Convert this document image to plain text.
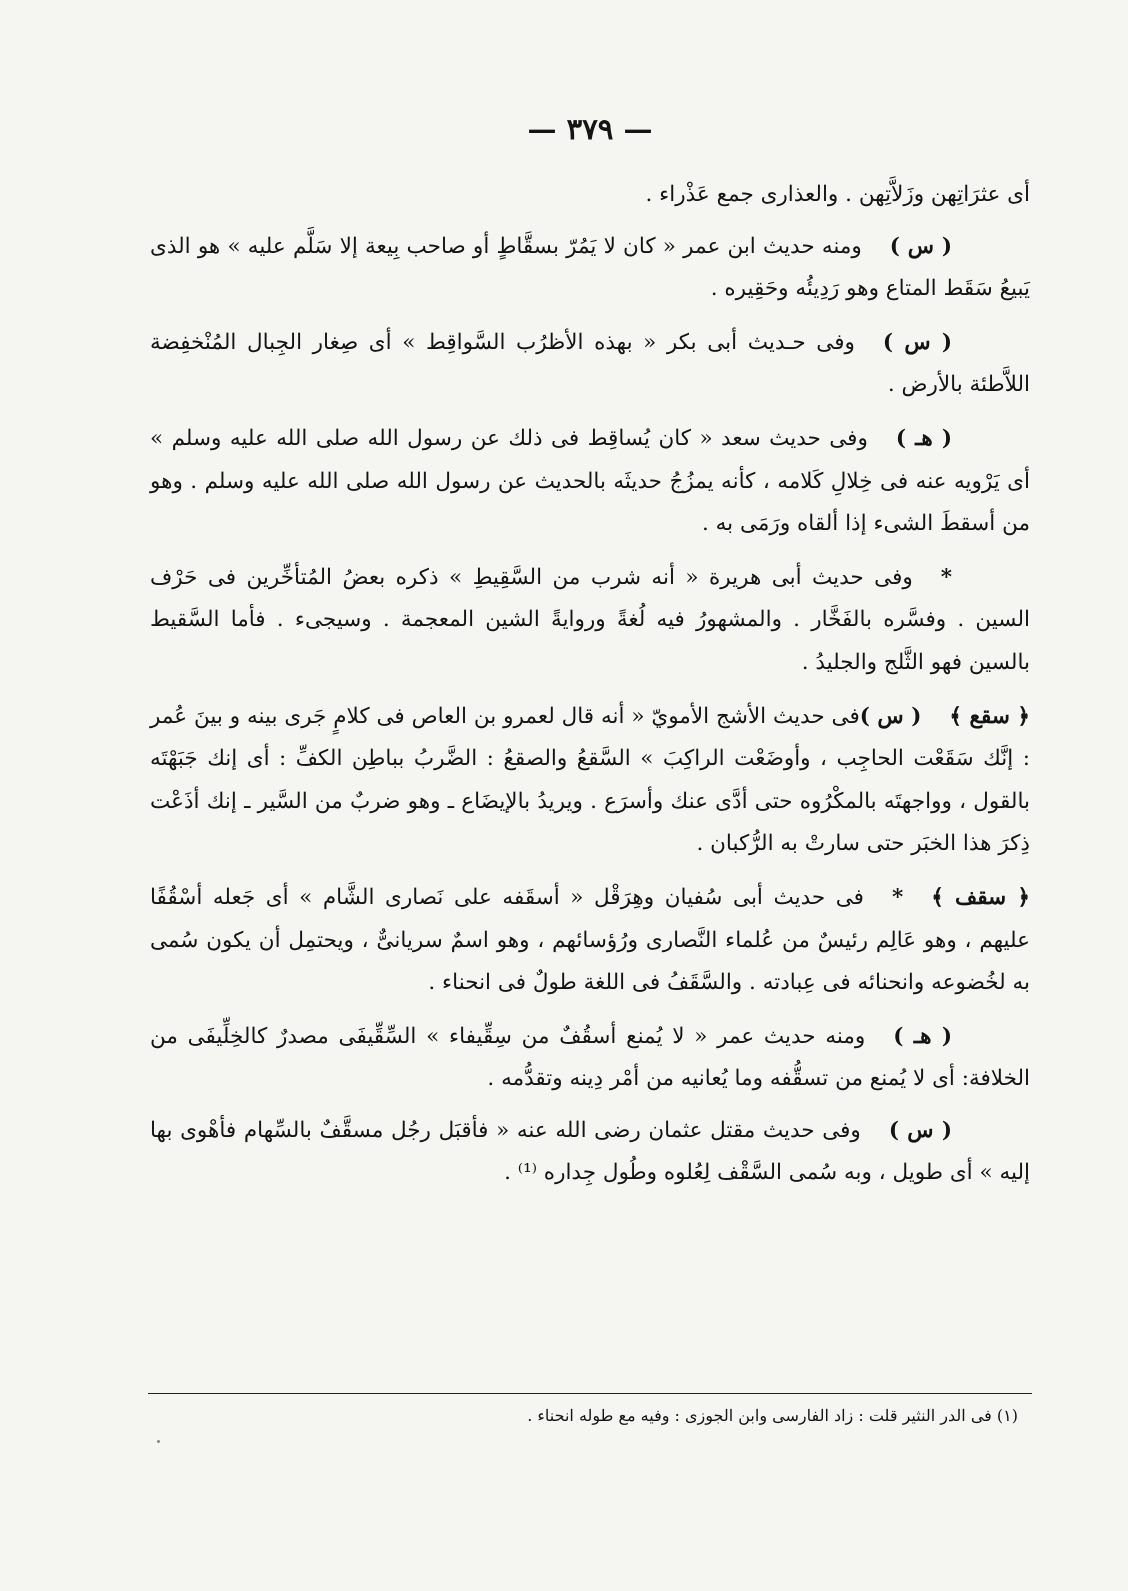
— ٣٧٩ —

أى عثرَاتِهن وزَلاَّتِهن . والعذارى جمع عَذْراء .

( س )ومنه حديث ابن عمر « كان لا يَمُرّ بسقَّاطٍ أو صاحب بِيعة إلا سَلَّم عليه » هو الذى يَبيعُ سَقَط المتاع وهو رَدِيئُه وحَقِيره .

( س )وفى حـديث أبى بكر « بهذه الأظرُب السَّواقِط » أى صِغار الجِبال المُنْخفِضة اللاَّطئة بالأرض .

( هـ )وفى حديث سعد « كان يُساقِط فى ذلك عن رسول الله صلى الله عليه وسلم » أى يَرْويه عنه فى خِلالِ كَلامه ، كأنه يمزُجُ حديثَه بالحديث عن رسول الله صلى الله عليه وسلم . وهو من أسقطَ الشىء إذا ألقاه ورَمَى به .

*وفى حديث أبى هريرة « أنه شرب من السَّقِيطِ » ذكره بعضُ المُتأخِّرين فى حَرْف السين . وفسَّره بالفَخَّار . والمشهورُ فيه لُغةً وروايةً الشين المعجمة . وسيجىء . فأما السَّقيط بالسين فهو الثَّلج والجليدُ .

﴿ سقع ﴾( س )فى حديث الأشج الأمويّ « أنه قال لعمرو بن العاص فى كلامٍ جَرى بينه و بينَ عُمر : إنَّك سَقَعْت الحاجِب ، وأوضَعْت الراكِبَ » السَّقعُ والصقعُ : الضَّربُ بباطِن الكفِّ : أى إنك جَبَهْتَه بالقول ، وواجهتَه بالمكْرُوه حتى أدَّى عنك وأسرَع . ويريدُ بالإيضَاع ـ وهو ضربٌ من السَّير ـ إنك أذَعْت ذِكرَ هذا الخبَر حتى سارتْ به الرُّكبان .

﴿ سقف ﴾*فى حديث أبى سُفيان وهِرَقْل « أسقَفه على نَصارى الشَّام » أى جَعله أسْقُفًا عليهم ، وهو عَالِم رئيسٌ من عُلماء النَّصارى ورُؤسائهم ، وهو اسمٌ سريانىٌّ ، ويحتمِل أن يكون سُمى به لخُضوعه وانحنائه فى عِبادته . والسَّقَفُ فى اللغة طولٌ فى انحناء .

( هـ )ومنه حديث عمر « لا يُمنع أسقُفٌ من سِقِّيفاء » السِّقِّيفَى مصدرٌ كالخِلِّيفَى من الخلافة: أى لا يُمنع من تسقُّفه وما يُعانيه من أمْر دِينه وتقدُّمه .

( س )وفى حديث مقتل عثمان رضى الله عنه « فأقبَل رجُل مسقَّفٌ بالسِّهام فأهْوى بها إليه » أى طويل ، وبه سُمى السَّقْف لِعُلوه وطُول جِداره ⁽¹⁾ .

(١) فى الدر النثير قلت : زاد الفارسى وابن الجوزى : وفيه مع طوله انحناء .
